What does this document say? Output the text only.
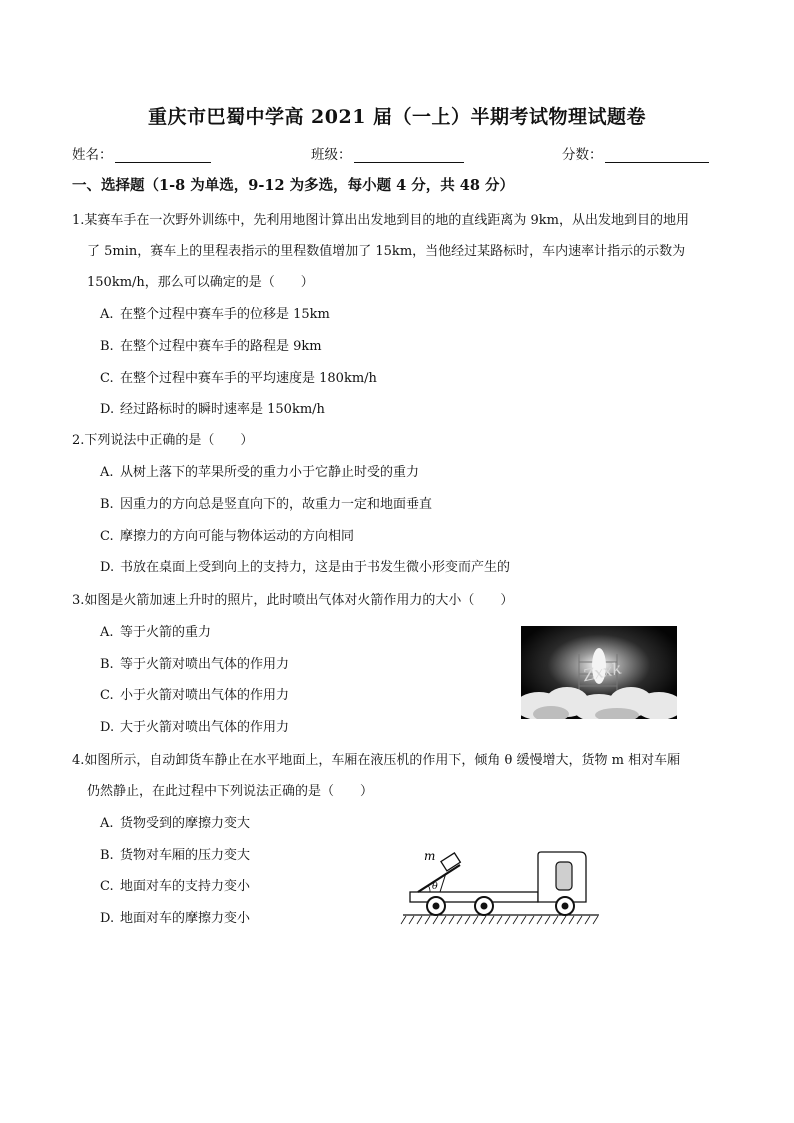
重庆市巴蜀中学高 2021 届（一上）半期考试物理试题卷
姓名：	班级：	分数：
一、选择题（1-8 为单选，9-12 为多选，每小题 4 分，共 48 分）
1.某赛车手在一次野外训练中，先利用地图计算出出发地到目的地的直线距离为 9km，从出发地到目的地用
了 5min，赛车上的里程表指示的里程数值增加了 15km，当他经过某路标时，车内速率计指示的示数为
150km/h，那么可以确定的是（　　）
A. 在整个过程中赛车手的位移是 15km
B. 在整个过程中赛车手的路程是 9km
C. 在整个过程中赛车手的平均速度是 180km/h
D. 经过路标时的瞬时速率是 150km/h
2.下列说法中正确的是（　　）
A. 从树上落下的苹果所受的重力小于它静止时受的重力
B. 因重力的方向总是竖直向下的，故重力一定和地面垂直
C. 摩擦力的方向可能与物体运动的方向相同
D. 书放在桌面上受到向上的支持力，这是由于书发生微小形变而产生的
3.如图是火箭加速上升时的照片，此时喷出气体对火箭作用力的大小（　　）
A. 等于火箭的重力
B. 等于火箭对喷出气体的作用力
C. 小于火箭对喷出气体的作用力
D. 大于火箭对喷出气体的作用力
Zxxk
4.如图所示，自动卸货车静止在水平地面上，车厢在液压机的作用下，倾角 θ 缓慢增大，货物 m 相对车厢
仍然静止，在此过程中下列说法正确的是（　　）
A. 货物受到的摩擦力变大
B. 货物对车厢的压力变大
C. 地面对车的支持力变小
D. 地面对车的摩擦力变小
m
θ
